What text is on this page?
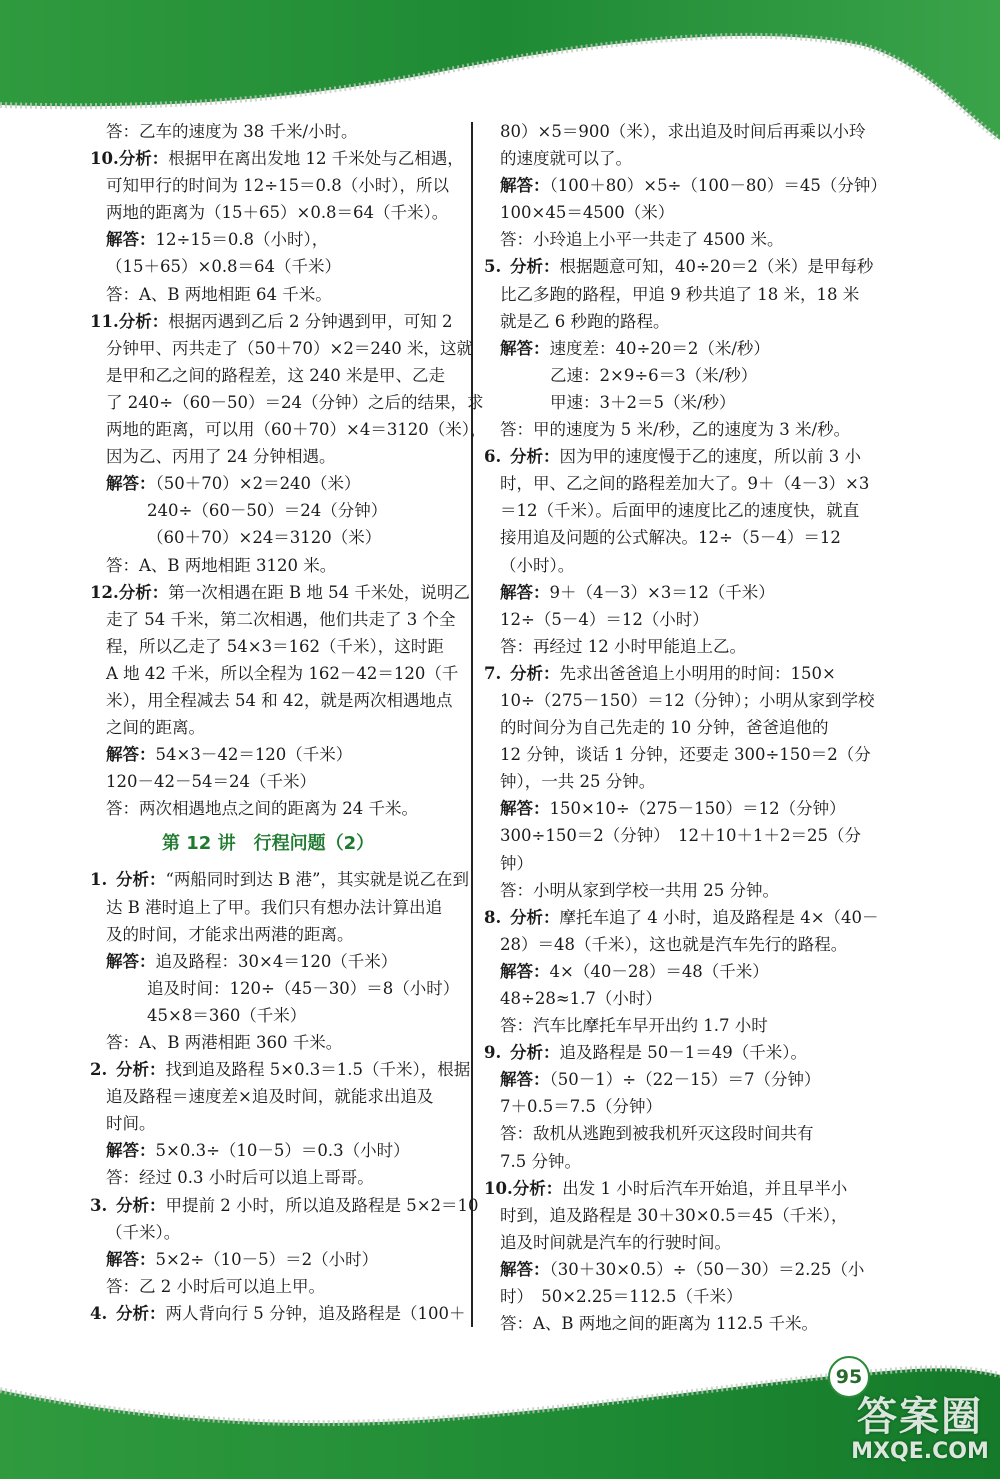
答：乙车的速度为 38 千米/小时。
10.分析：根据甲在离出发地 12 千米处与乙相遇，
可知甲行的时间为 12÷15＝0.8（小时），所以
两地的距离为（15＋65）×0.8＝64（千米）。
解答：12÷15＝0.8（小时），
（15＋65）×0.8＝64（千米）
答：A、B 两地相距 64 千米。
11.分析：根据丙遇到乙后 2 分钟遇到甲，可知 2
分钟甲、丙共走了（50＋70）×2＝240 米，这就
是甲和乙之间的路程差，这 240 米是甲、乙走
了 240÷（60－50）＝24（分钟）之后的结果，求
两地的距离，可以用（60＋70）×4＝3120（米），
因为乙、丙用了 24 分钟相遇。
解答：（50＋70）×2＝240（米）
240÷（60－50）＝24（分钟）
（60＋70）×24＝3120（米）
答：A、B 两地相距 3120 米。
12.分析：第一次相遇在距 B 地 54 千米处，说明乙
走了 54 千米，第二次相遇，他们共走了 3 个全
程，所以乙走了 54×3＝162（千米），这时距
A 地 42 千米，所以全程为 162－42＝120（千
米），用全程减去 54 和 42，就是两次相遇地点
之间的距离。
解答：54×3－42＝120（千米）
120－42－54＝24（千米）
答：两次相遇地点之间的距离为 24 千米。
第 12 讲　行程问题（2）
1. 分析：“两船同时到达 B 港”，其实就是说乙在到
达 B 港时追上了甲。我们只有想办法计算出追
及的时间，才能求出两港的距离。
解答：追及路程：30×4＝120（千米）
追及时间：120÷（45－30）＝8（小时）
45×8＝360（千米）
答：A、B 两港相距 360 千米。
2. 分析：找到追及路程 5×0.3＝1.5（千米），根据
追及路程＝速度差×追及时间，就能求出追及
时间。
解答：5×0.3÷（10－5）＝0.3（小时）
答：经过 0.3 小时后可以追上哥哥。
3. 分析：甲提前 2 小时，所以追及路程是 5×2＝10
（千米）。
解答：5×2÷（10－5）＝2（小时）
答：乙 2 小时后可以追上甲。
4. 分析：两人背向行 5 分钟，追及路程是（100＋
80）×5＝900（米），求出追及时间后再乘以小玲
的速度就可以了。
解答：（100＋80）×5÷（100－80）＝45（分钟）
100×45＝4500（米）
答：小玲追上小平一共走了 4500 米。
5. 分析：根据题意可知，40÷20＝2（米）是甲每秒
比乙多跑的路程，甲追 9 秒共追了 18 米，18 米
就是乙 6 秒跑的路程。
解答：速度差：40÷20＝2（米/秒）
乙速：2×9÷6＝3（米/秒）
甲速：3＋2＝5（米/秒）
答：甲的速度为 5 米/秒，乙的速度为 3 米/秒。
6. 分析：因为甲的速度慢于乙的速度，所以前 3 小
时，甲、乙之间的路程差加大了。9＋（4－3）×3
＝12（千米）。后面甲的速度比乙的速度快，就直
接用追及问题的公式解决。12÷（5－4）＝12
（小时）。
解答：9＋（4－3）×3＝12（千米）
12÷（5－4）＝12（小时）
答：再经过 12 小时甲能追上乙。
7. 分析：先求出爸爸追上小明用的时间：150×
10÷（275－150）＝12（分钟）；小明从家到学校
的时间分为自己先走的 10 分钟，爸爸追他的
12 分钟，谈话 1 分钟，还要走 300÷150＝2（分
钟），一共 25 分钟。
解答：150×10÷（275－150）＝12（分钟）
300÷150＝2（分钟）　12＋10＋1＋2＝25（分
钟）
答：小明从家到学校一共用 25 分钟。
8. 分析：摩托车追了 4 小时，追及路程是 4×（40－
28）＝48（千米），这也就是汽车先行的路程。
解答：4×（40－28）＝48（千米）
48÷28≈1.7（小时）
答：汽车比摩托车早开出约 1.7 小时
9. 分析：追及路程是 50－1＝49（千米）。
解答：（50－1）÷（22－15）＝7（分钟）
7＋0.5＝7.5（分钟）
答：敌机从逃跑到被我机歼灭这段时间共有
7.5 分钟。
10.分析：出发 1 小时后汽车开始追，并且早半小
时到，追及路程是 30＋30×0.5＝45（千米），
追及时间就是汽车的行驶时间。
解答：（30＋30×0.5）÷（50－30）＝2.25（小
时）　50×2.25＝112.5（千米）
答：A、B 两地之间的距离为 112.5 千米。
95
答案圈
MXQE.COM
